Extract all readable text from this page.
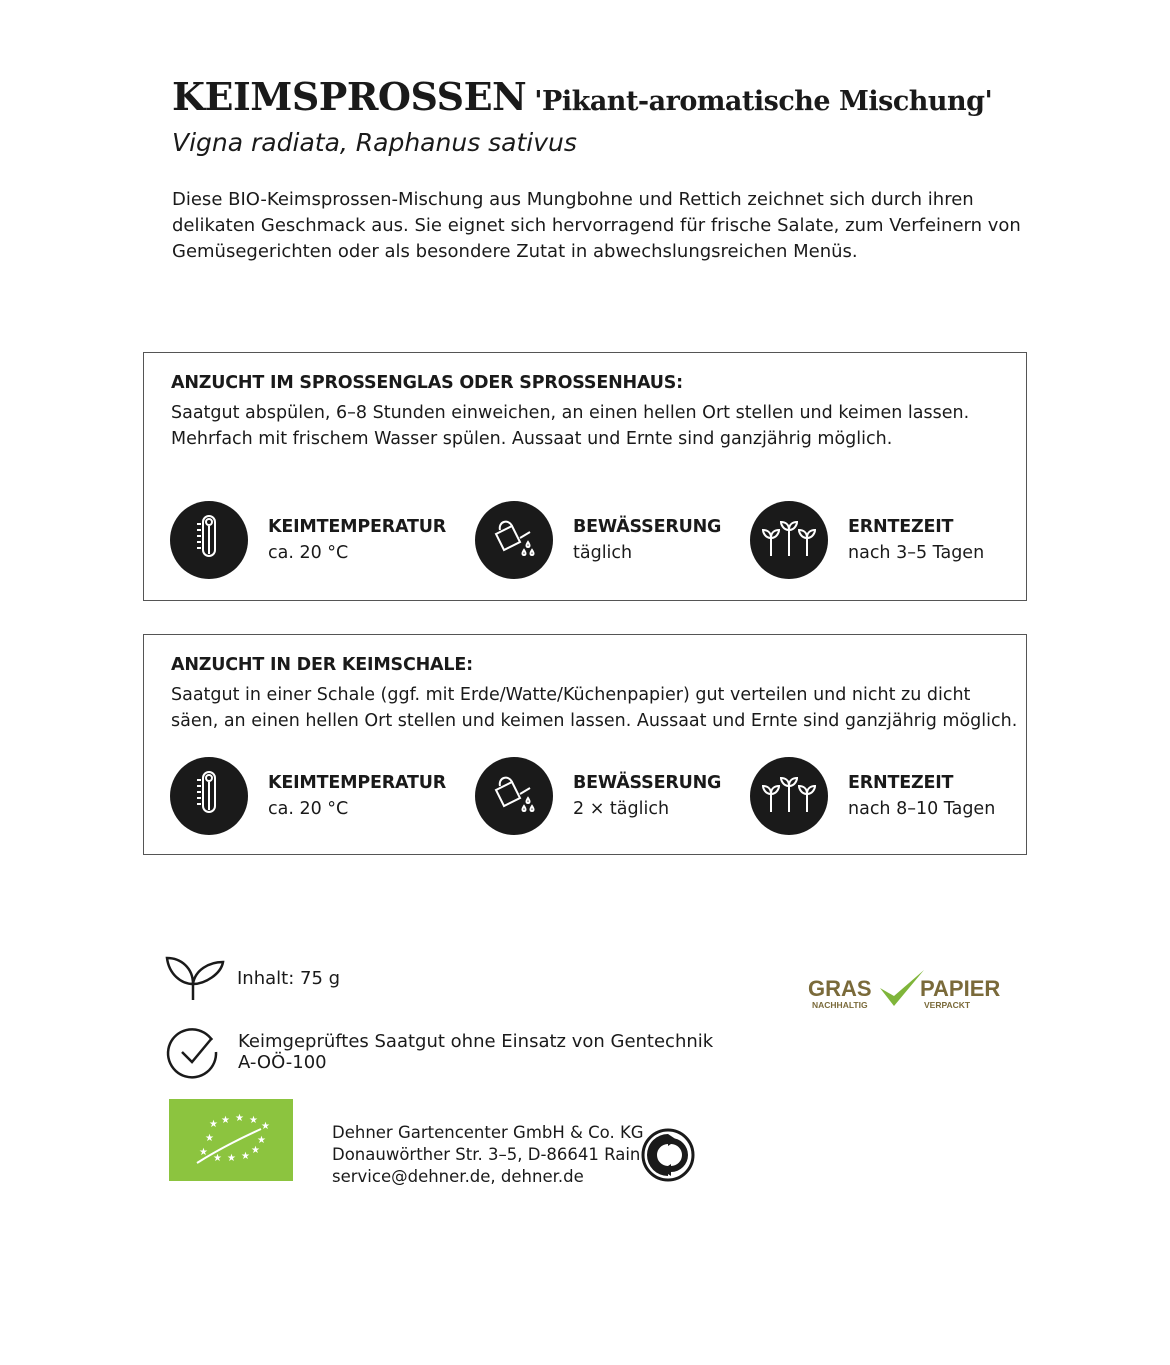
KEIMSPROSSEN 'Pikant-aromatische Mischung'
Vigna radiata, Raphanus sativus
Diese BIO-Keimsprossen-Mischung aus Mungbohne und Rettich zeichnet sich durch ihren delikaten Geschmack aus. Sie eignet sich hervorragend für frische Salate, zum Verfeinern von Gemüsegerichten oder als besondere Zutat in abwechslungsreichen Menüs.
ANZUCHT IM SPROSSENGLAS ODER SPROSSENHAUS:
Saatgut abspülen, 6–8 Stunden einweichen, an einen hellen Ort stellen und keimen lassen. Mehrfach mit frischem Wasser spülen. Aussaat und Ernte sind ganzjährig möglich.
KEIMTEMPERATUR
ca. 20 °C
BEWÄSSERUNG
täglich
ERNTEZEIT
nach 3–5 Tagen
ANZUCHT IN DER KEIMSCHALE:
Saatgut in einer Schale (ggf. mit Erde/Watte/Küchenpapier) gut verteilen und nicht zu dicht säen, an einen hellen Ort stellen und keimen lassen. Aussaat und Ernte sind ganzjährig möglich.
KEIMTEMPERATUR
ca. 20 °C
BEWÄSSERUNG
2 × täglich
ERNTEZEIT
nach 8–10 Tagen
Inhalt: 75 g
Keimgeprüftes Saatgut ohne Einsatz von Gentechnik
A-OÖ-100
★ ★ ★ ★
★
★
★
★
★ ★ ★
★
Dehner Gartencenter GmbH & Co. KG
Donauwörther Str. 3–5, D-86641 Rain
service@dehner.de, dehner.de
GRAS
NACHHALTIG
PAPIER
VERPACKT
